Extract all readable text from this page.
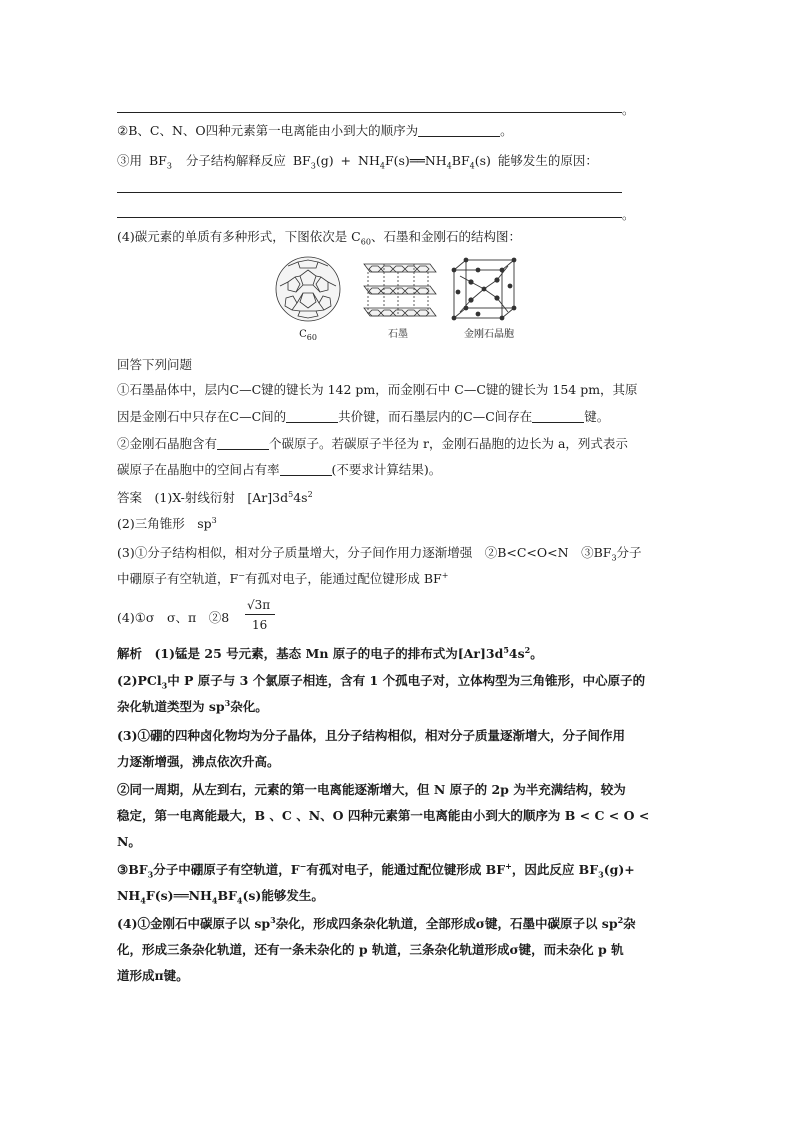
。
②B、C、N、O四种元素第一电离能由小到大的顺序为	。
③用 $BF_3$ 分子结构解释反应 $BF_3(g)$ + $NH_4F(s)══NH_4BF_4(s)$ 能够发生的原因：
。
(4)碳元素的单质有多种形式，下图依次是 $C_{60}$、石墨和金刚石的结构图：
$C_{60}$	石墨	金刚石晶胞
回答下列问题
①石墨晶体中，层内C—C键的键长为 142 pm，而金刚石中 C—C键的键长为 154 pm，其原
因是金刚石中只存在C—C间的	共价键，而石墨层内的C—C间存在	键。
②金刚石晶胞含有	个碳原子。若碳原子半径为 r，金刚石晶胞的边长为 a，列式表示
碳原子在晶胞中的空间占有率	(不要求计算结果)。
答案　(1)X-射线衍射　$[Ar]3d^54s^2$
(2)三角锥形　$sp^3$
(3)①分子结构相似，相对分子质量增大，分子间作用力逐渐增强　②B<C<O<N　$③BF_3$分子
中硼原子有空轨道，F−有孤对电子，能通过配位键形成 BF+
(4)①σ　σ、π　②8
√3π
16
解析　(1)锰是 25 号元素，基态 Mn 原子的电子的排布式为$[Ar]3d^54s^2$。
(2)PCl$_3$中 P 原子与 3 个氯原子相连，含有 1 个孤电子对，立体构型为三角锥形，中心原子的
杂化轨道类型为 $sp^3$杂化。
(3)①硼的四种卤化物均为分子晶体，且分子结构相似，相对分子质量逐渐增大，分子间作用
力逐渐增强，沸点依次升高。
②同一周期，从左到右，元素的第一电离能逐渐增大，但 N 原子的 2p 为半充满结构，较为
稳定，第一电离能最大，B 、C 、N、O 四种元素第一电离能由小到大的顺序为 B < C < O <
N。
$③BF_3$分子中硼原子有空轨道，F−有孤对电子，能通过配位键形成 BF+，因此反应 $BF_3(g)+$
$NH_4F(s)══NH_4BF_4(s)$能够发生。
(4)①金刚石中碳原子以 $sp^3$杂化，形成四条杂化轨道，全部形成σ键，石墨中碳原子以 $sp^2$杂
化，形成三条杂化轨道，还有一条未杂化的 p 轨道，三条杂化轨道形成σ键，而未杂化 p 轨
道形成π键。
